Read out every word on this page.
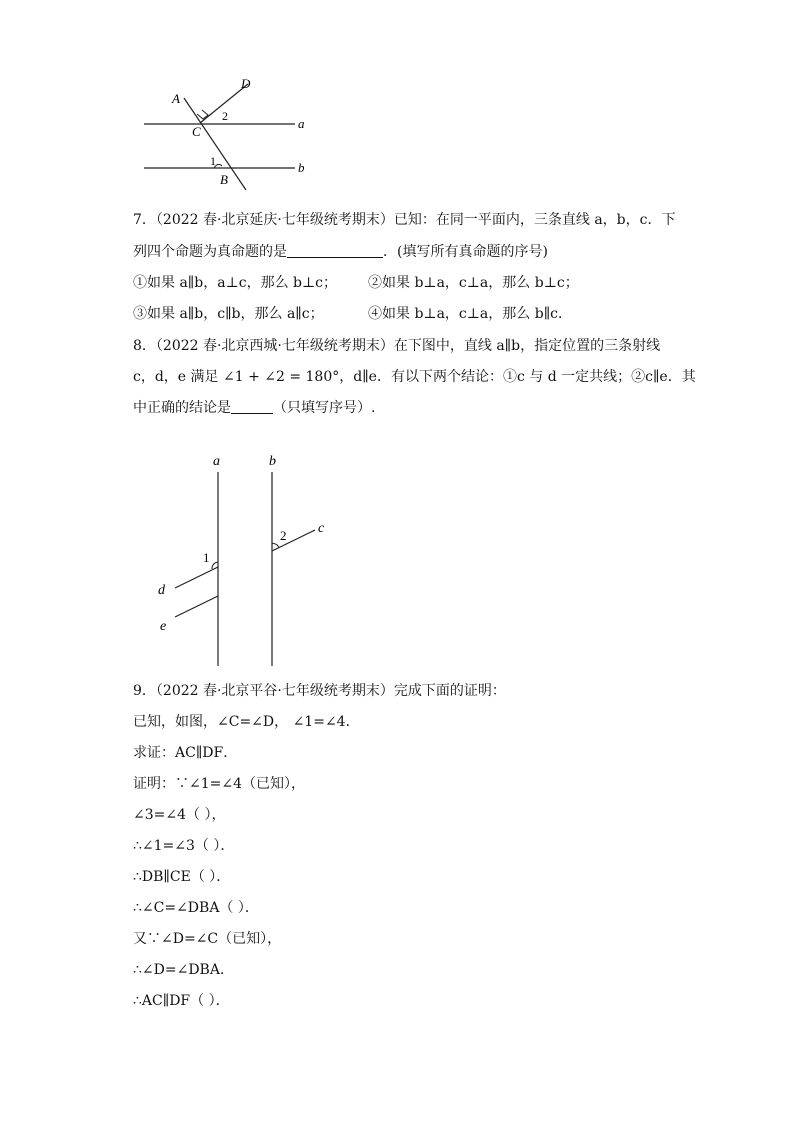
A
D
C
2	a
1
B
b
7．（2022 春·北京延庆·七年级统考期末）已知：在同一平面内，三条直线 a，b，c．下
列四个命题为真命题的是	．(填写所有真命题的序号)
①如果 a∥b，a⊥c，那么 b⊥c； ②如果 b⊥a，c⊥a，那么 b⊥c；
③如果 a∥b，c∥b，那么 a∥c；	④如果 b⊥a，c⊥a，那么 b∥c．
8．（2022 春·北京西城·七年级统考期末）在下图中，直线 a∥b，指定位置的三条射线
c，d，e 满足 ∠1 + ∠2 = 180°，d∥e．有以下两个结论：①c 与 d 一定共线；②c∥e．其
中正确的结论是	（只填写序号）.
a	b
2 c
1
d
e
9．（2022 春·北京平谷·七年级统考期末）完成下面的证明：
已知，如图，∠C=∠D， ∠1=∠4．
求证：AC∥DF．
证明：∵∠1=∠4（已知），
∠3=∠4（ ），
∴∠1=∠3（ ）．
∴DB∥CE（ ）．
∴∠C=∠DBA（ ）．
又∵∠D=∠C（已知），
∴∠D=∠DBA．
∴AC∥DF（ ）．
